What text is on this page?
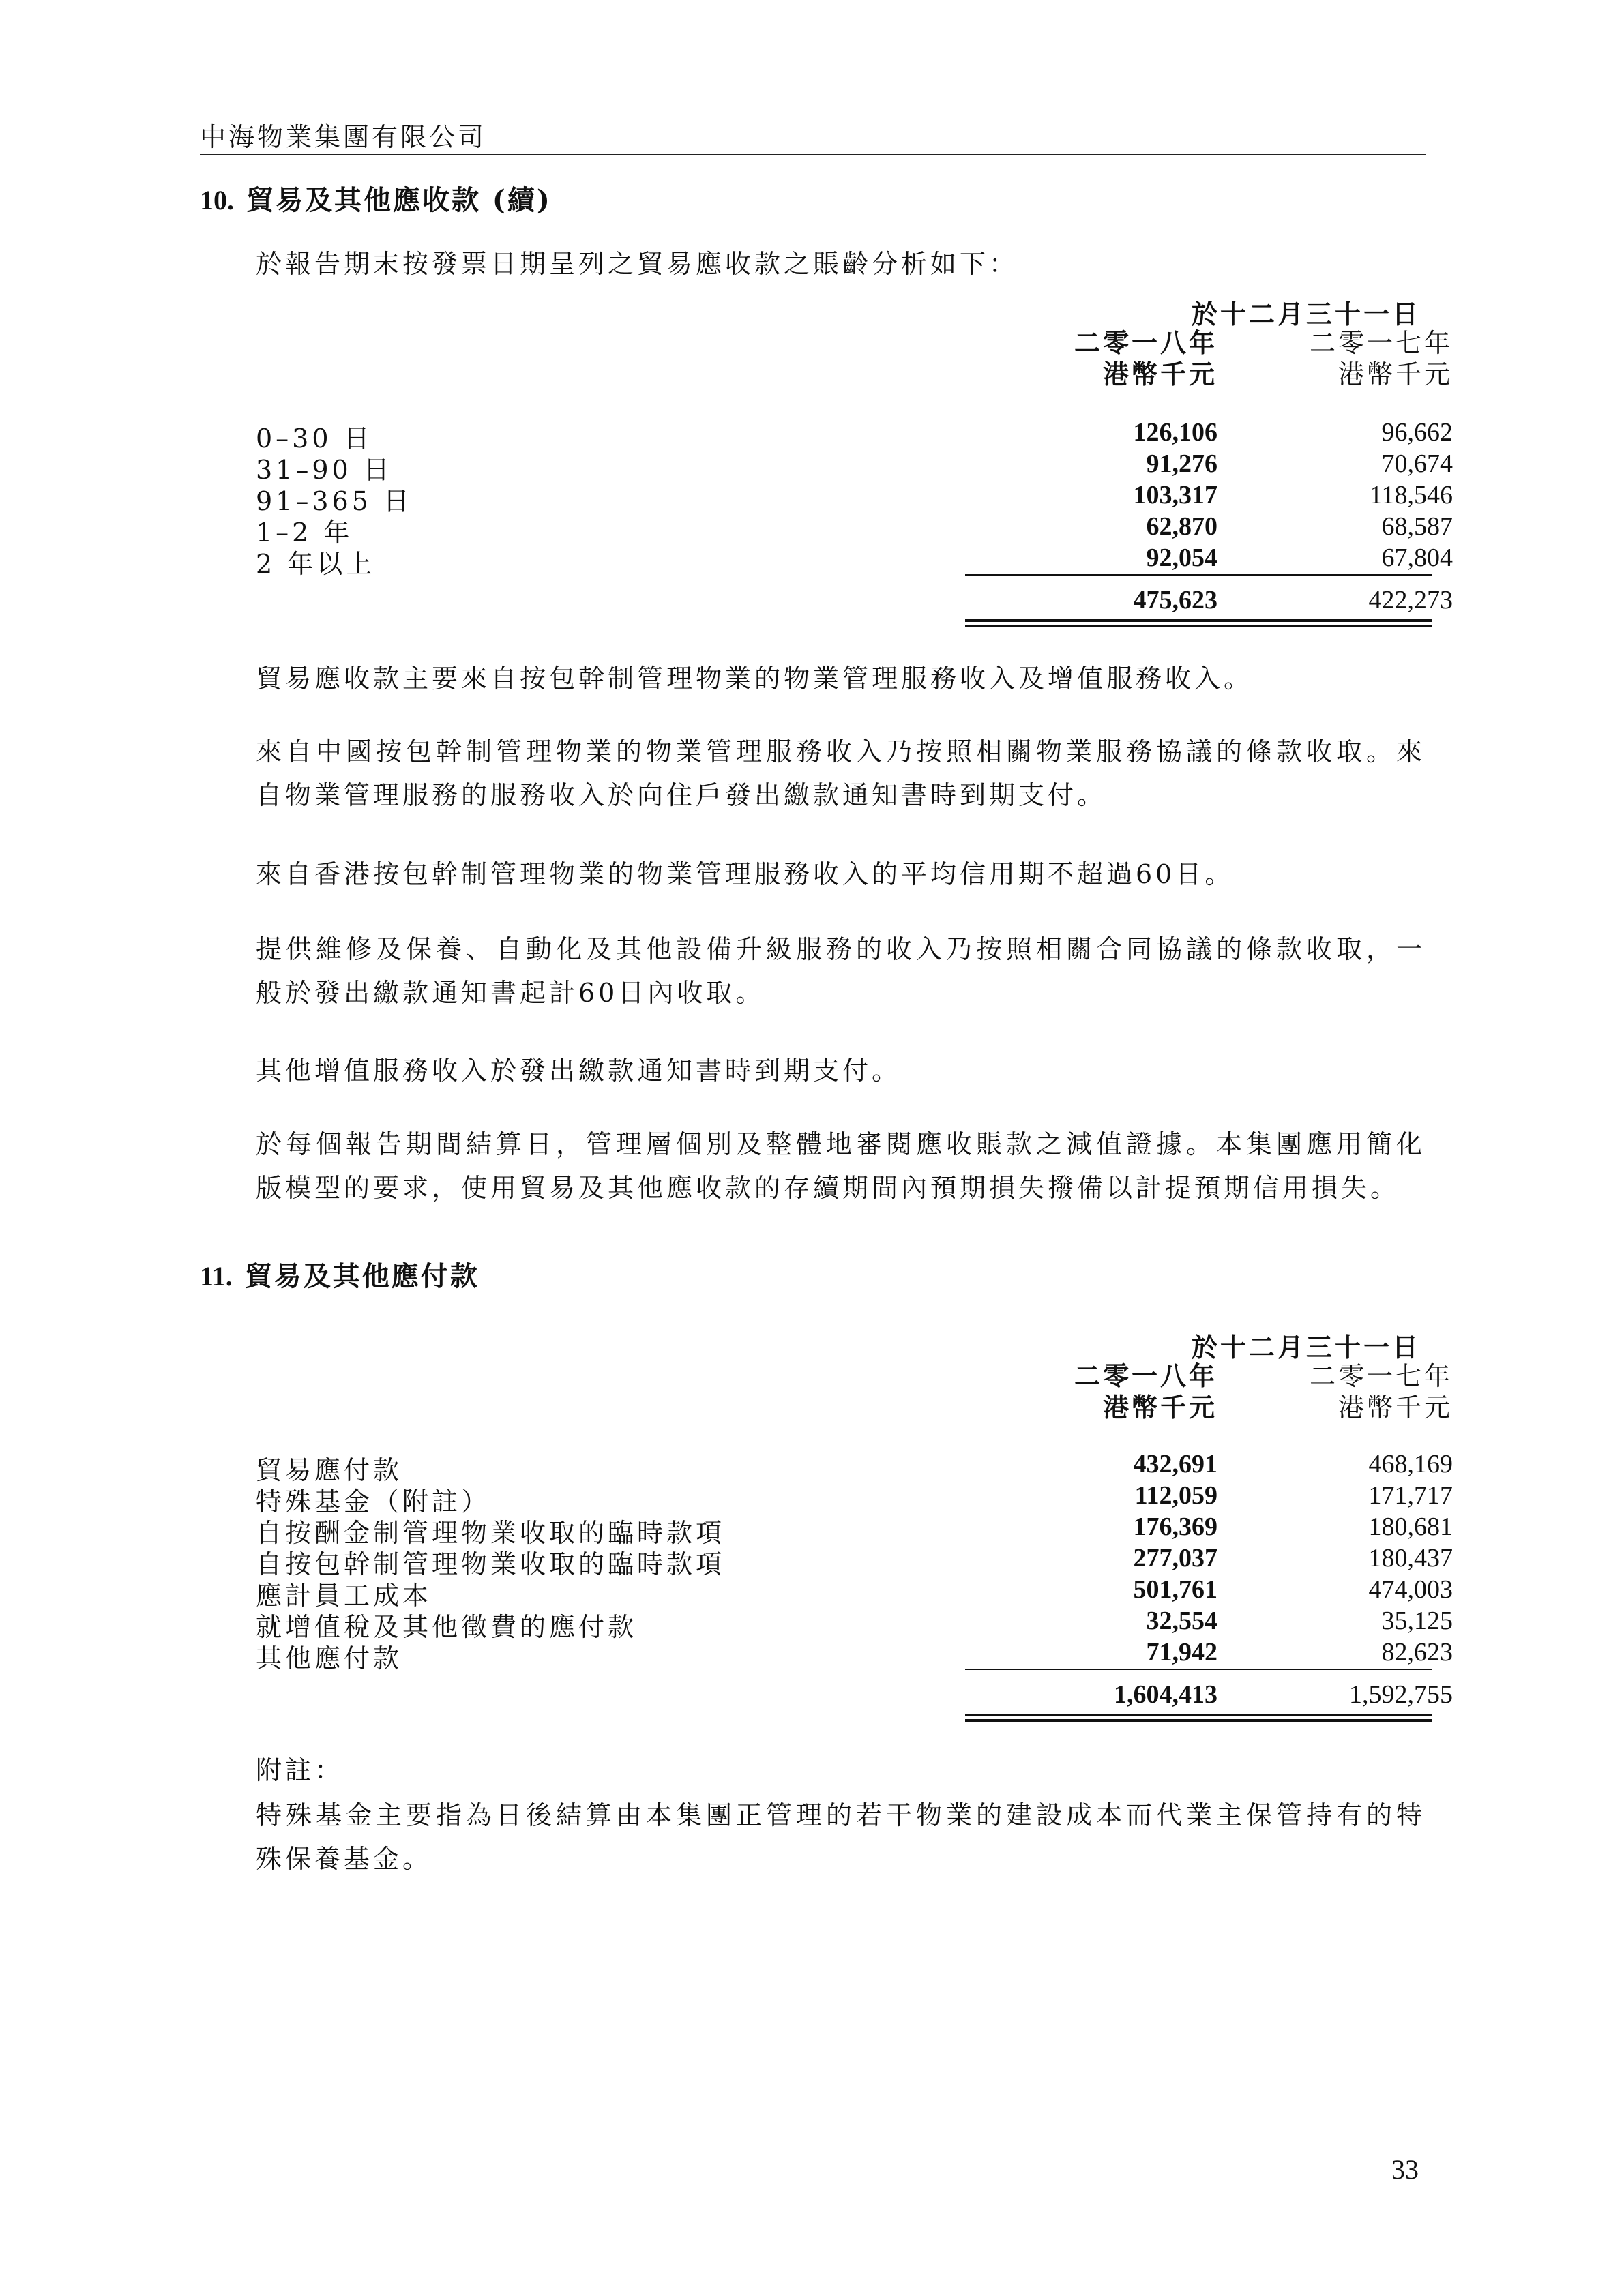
中海物業集團有限公司
10. 貿易及其他應收款 (續)
於報告期末按發票日期呈列之貿易應收款之賬齡分析如下：
於十二月三十一日
二零一八年
港幣千元
二零一七年
港幣千元
0–30 日	126,106	96,662
31–90 日	91,276	70,674
91–365 日	103,317	118,546
1–2 年	62,870	68,587
2 年以上	92,054	67,804
475,623	422,273
貿易應收款主要來自按包幹制管理物業的物業管理服務收入及增值服務收入。
來自中國按包幹制管理物業的物業管理服務收入乃按照相關物業服務協議的條款收取。來自物業管理服務的服務收入於向住戶發出繳款通知書時到期支付。
來自香港按包幹制管理物業的物業管理服務收入的平均信用期不超過60日。
提供維修及保養、自動化及其他設備升級服務的收入乃按照相關合同協議的條款收取，一般於發出繳款通知書起計60日內收取。
其他增值服務收入於發出繳款通知書時到期支付。
於每個報告期間結算日，管理層個別及整體地審閱應收賬款之減值證據。本集團應用簡化版模型的要求，使用貿易及其他應收款的存續期間內預期損失撥備以計提預期信用損失。
11. 貿易及其他應付款
於十二月三十一日
二零一八年
港幣千元
二零一七年
港幣千元
貿易應付款	432,691	468,169
特殊基金（附註）	112,059	171,717
自按酬金制管理物業收取的臨時款項	176,369	180,681
自按包幹制管理物業收取的臨時款項	277,037	180,437
應計員工成本	501,761	474,003
就增值稅及其他徵費的應付款	32,554	35,125
其他應付款	71,942	82,623
1,604,413	1,592,755
附註：
特殊基金主要指為日後結算由本集團正管理的若干物業的建設成本而代業主保管持有的特殊保養基金。
33
